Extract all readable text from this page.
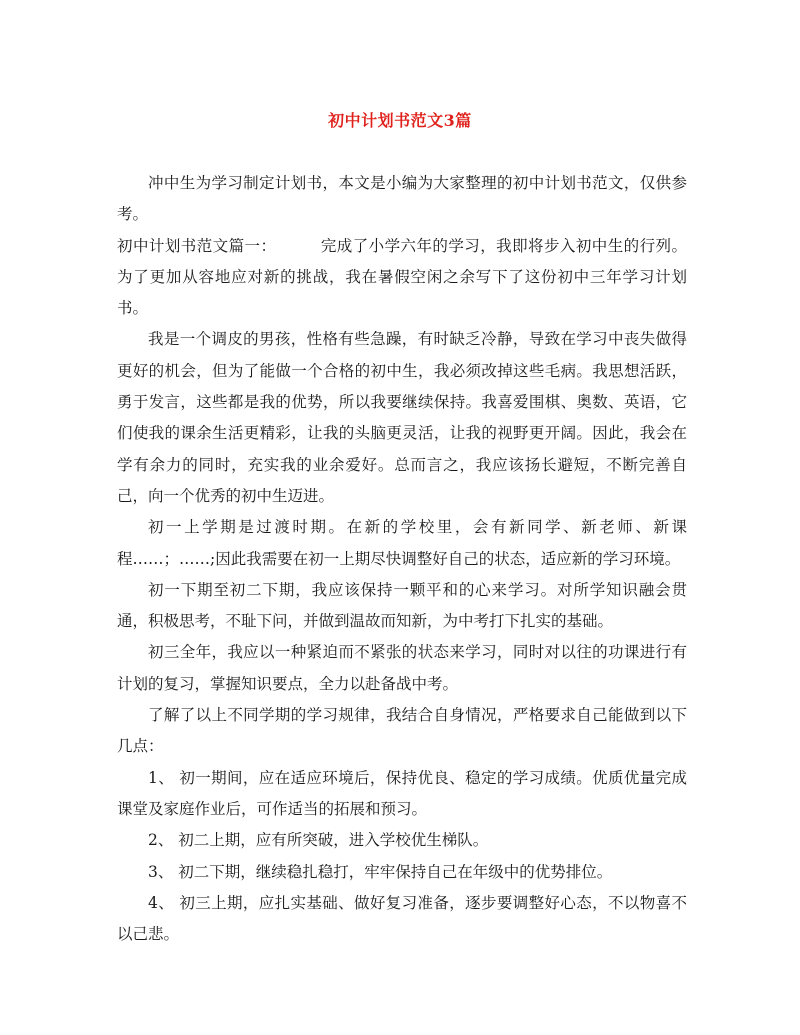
初中计划书范文3篇

冲中生为学习制定计划书，本文是小编为大家整理的初中计划书范文，仅供参考。

初中计划书范文篇一：	完成了小学六年的学习，我即将步入初中生的行列。为了更加从容地应对新的挑战，我在暑假空闲之余写下了这份初中三年学习计划书。

我是一个调皮的男孩，性格有些急躁，有时缺乏冷静，导致在学习中丧失做得更好的机会，但为了能做一个合格的初中生，我必须改掉这些毛病。我思想活跃，勇于发言，这些都是我的优势，所以我要继续保持。我喜爱围棋、奥数、英语，它们使我的课余生活更精彩，让我的头脑更灵活，让我的视野更开阔。因此，我会在学有余力的同时，充实我的业余爱好。总而言之，我应该扬长避短，不断完善自己，向一个优秀的初中生迈进。

初一上学期是过渡时期。在新的学校里，会有新同学、新老师、新课程……；……;因此我需要在初一上期尽快调整好自己的状态，适应新的学习环境。

初一下期至初二下期，我应该保持一颗平和的心来学习。对所学知识融会贯通，积极思考，不耻下问，并做到温故而知新，为中考打下扎实的基础。

初三全年，我应以一种紧迫而不紧张的状态来学习，同时对以往的功课进行有计划的复习，掌握知识要点，全力以赴备战中考。

了解了以上不同学期的学习规律，我结合自身情况，严格要求自己能做到以下几点：

1、 初一期间，应在适应环境后，保持优良、稳定的学习成绩。优质优量完成课堂及家庭作业后，可作适当的拓展和预习。

2、 初二上期，应有所突破，进入学校优生梯队。

3、 初二下期，继续稳扎稳打，牢牢保持自己在年级中的优势排位。

4、 初三上期，应扎实基础、做好复习准备，逐步要调整好心态，不以物喜不以己悲。
